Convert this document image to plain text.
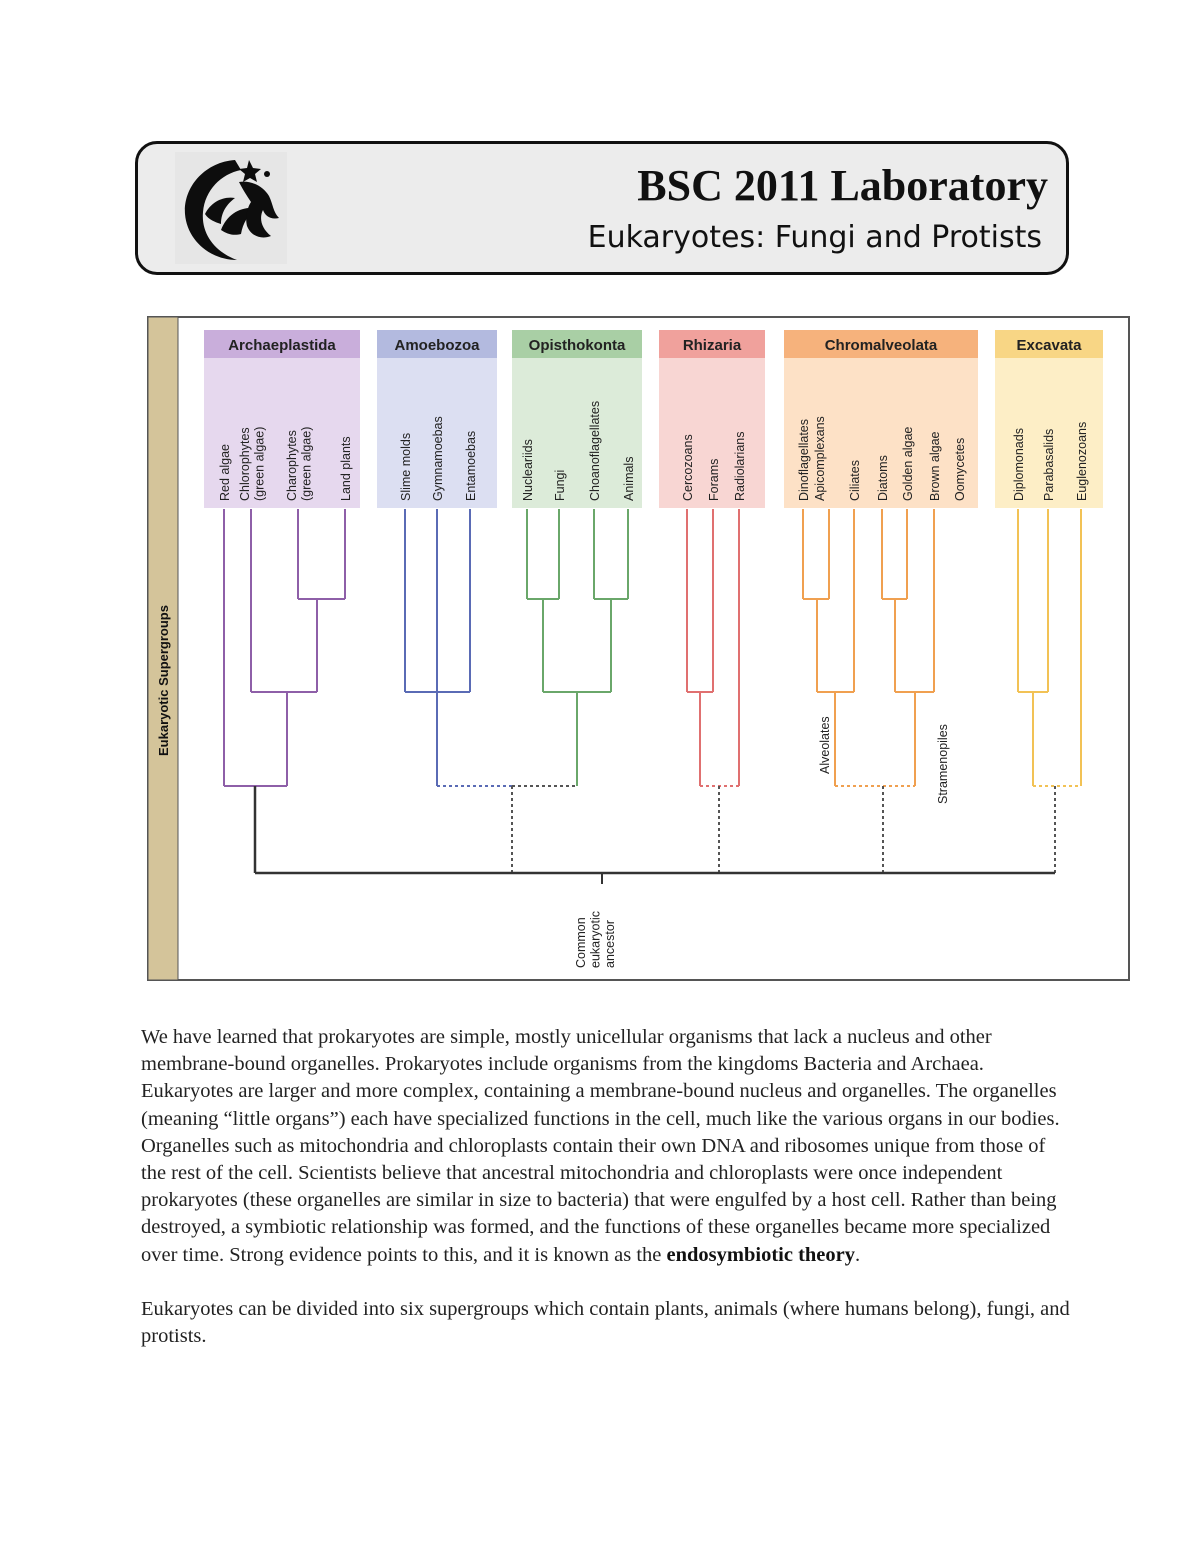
BSC 2011 Laboratory
Eukaryotes: Fungi and Protists
Eukaryotic Supergroups
Archaeplastida
Red algae Chlorophytes(green algae) Charophytes(green algae) Land plants
Amoebozoa
Slime molds Gymnamoebas Entamoebas
Opisthokonta
Nucleariids Fungi Choanoflagellates Animals
Rhizaria
Cercozoans Forams Radiolarians
Chromalveolata
Dinoflagellates Apicomplexans Ciliates Diatoms Golden algae Brown algae Oomycetes
Excavata
Diplomonads Parabasalids Euglenozoans
Alveolates	Stramenopiles
Commoneukaryoticancestor

We have learned that prokaryotes are simple, mostly unicellular organisms that lack a nucleus and other membrane-bound organelles. Prokaryotes include organisms from the kingdoms Bacteria and Archaea. Eukaryotes are larger and more complex, containing a membrane-bound nucleus and organelles. The organelles (meaning “little organs”) each have specialized functions in the cell, much like the various organs in our bodies. Organelles such as mitochondria and chloroplasts contain their own DNA and ribosomes unique from those of the rest of the cell. Scientists believe that ancestral mitochondria and chloroplasts were once independent prokaryotes (these organelles are similar in size to bacteria) that were engulfed by a host cell. Rather than being destroyed, a symbiotic relationship was formed, and the functions of these organelles became more specialized over time. Strong evidence points to this, and it is known as the endosymbiotic theory.

Eukaryotes can be divided into six supergroups which contain plants, animals (where humans belong), fungi, and protists.
